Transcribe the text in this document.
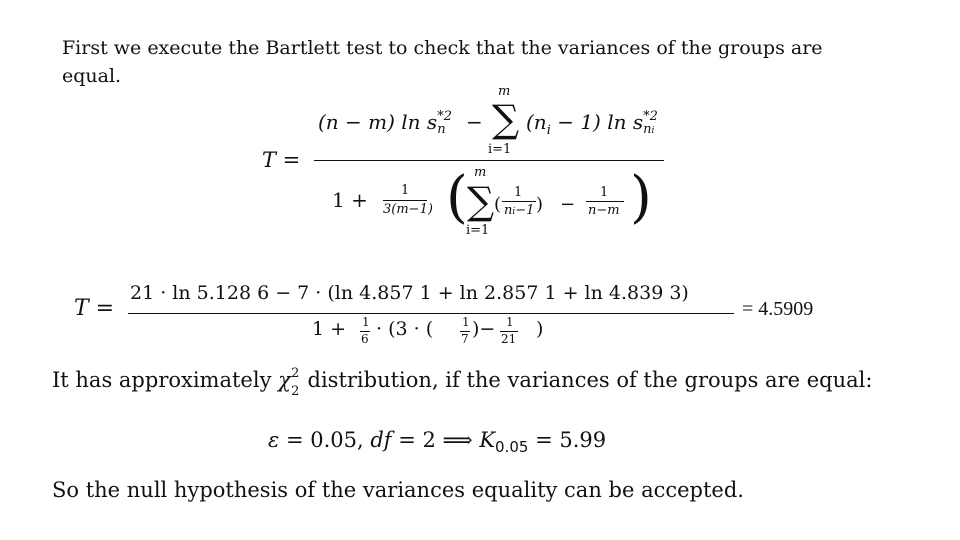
First we execute the Bartlett test to check that the variances of the groups are
equal.
T =
(n − m) $\ln s^{*2}$
n −
m
∑
i=1
$(n_i - 1)$ $\ln s^{*2}$
ni
1 +	1
3(m−1) ( m
∑
i=1
(
1
ni−1 ) −
1
n−m )
T =
21 · ln 5.128 6 − 7 · (ln 4.857 1 + ln 2.857 1 + ln 4.839 3)
1 + 1
6 · (3 · ( 1
7 )− 1
21 )
= 4.5909
It has approximately χ 2
2 distribution, if the variances of the groups are equal:
ε = 0.05, df = 2 ⟹ $K_{0.05} = 5.99$
So the null hypothesis of the variances equality can be accepted.
